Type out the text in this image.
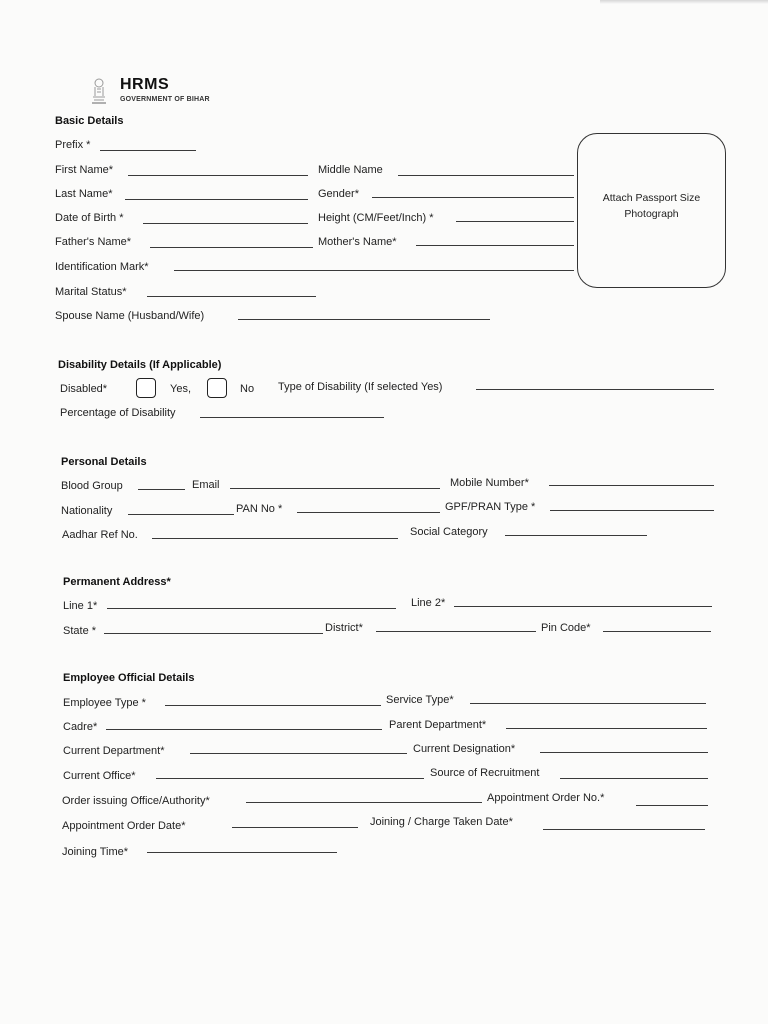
HRMS
GOVERNMENT OF BIHAR
Basic Details
Prefix *
First Name*	Middle Name
Last Name*	Gender*
Date of Birth *	Height (CM/Feet/Inch) *
Father's Name*	Mother's Name*
Identification Mark*
Marital Status*
Spouse Name (Husband/Wife)
Attach Passport Size
Photograph
Disability Details (If Applicable)
Disabled*	Yes,	No Type of Disability (If selected Yes)
Percentage of Disability
Personal Details
Blood Group	Email	Mobile Number*
Nationality	PAN No *	GPF/PRAN Type *
Aadhar Ref No.	Social Category
Permanent Address*
Line 1*	Line 2*
State *	District*	Pin Code*
Employee Official Details
Employee Type *	Service Type*
Cadre*	Parent Department*
Current Department*	Current Designation*
Current Office*	Source of Recruitment
Order issuing Office/Authority*	Appointment Order No.*
Appointment Order Date*	Joining / Charge Taken Date*
Joining Time*
